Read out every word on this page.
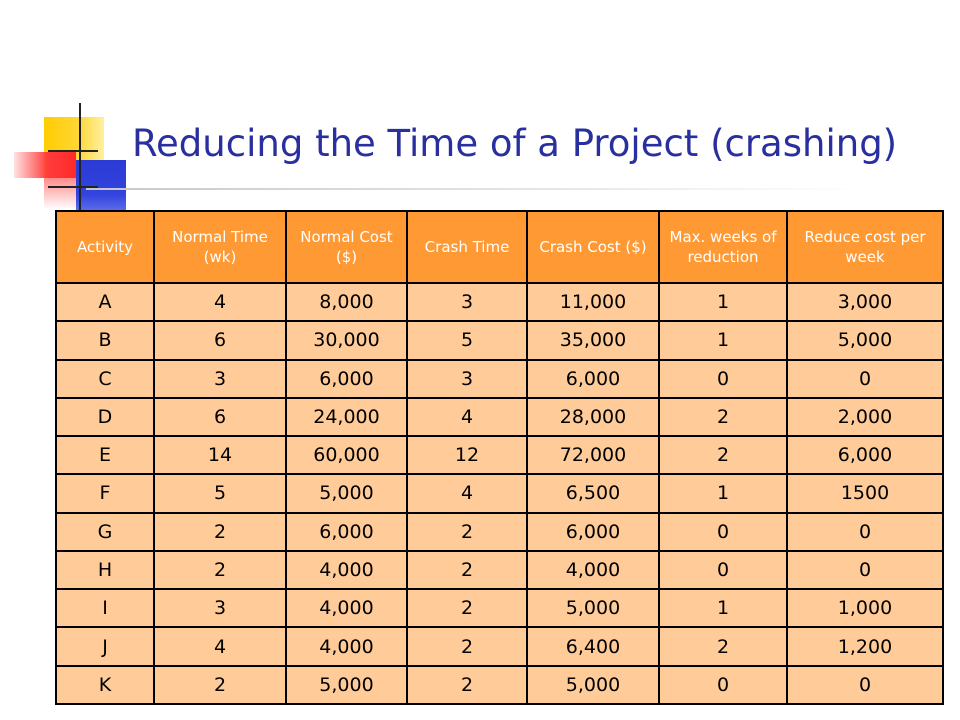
Reducing the Time of a Project (crashing)
Activity	Normal Time (wk)	Normal Cost ($)	Crash Time	Crash Cost ($)	Max. weeks of reduction	Reduce cost per week
A	4	8,000	3	11,000	1	3,000
B	6	30,000	5	35,000	1	5,000
C	3	6,000	3	6,000	0	0
D	6	24,000	4	28,000	2	2,000
E	14	60,000	12	72,000	2	6,000
F	5	5,000	4	6,500	1	1500
G	2	6,000	2	6,000	0	0
H	2	4,000	2	4,000	0	0
I	3	4,000	2	5,000	1	1,000
J	4	4,000	2	6,400	2	1,200
K	2	5,000	2	5,000	0	0
